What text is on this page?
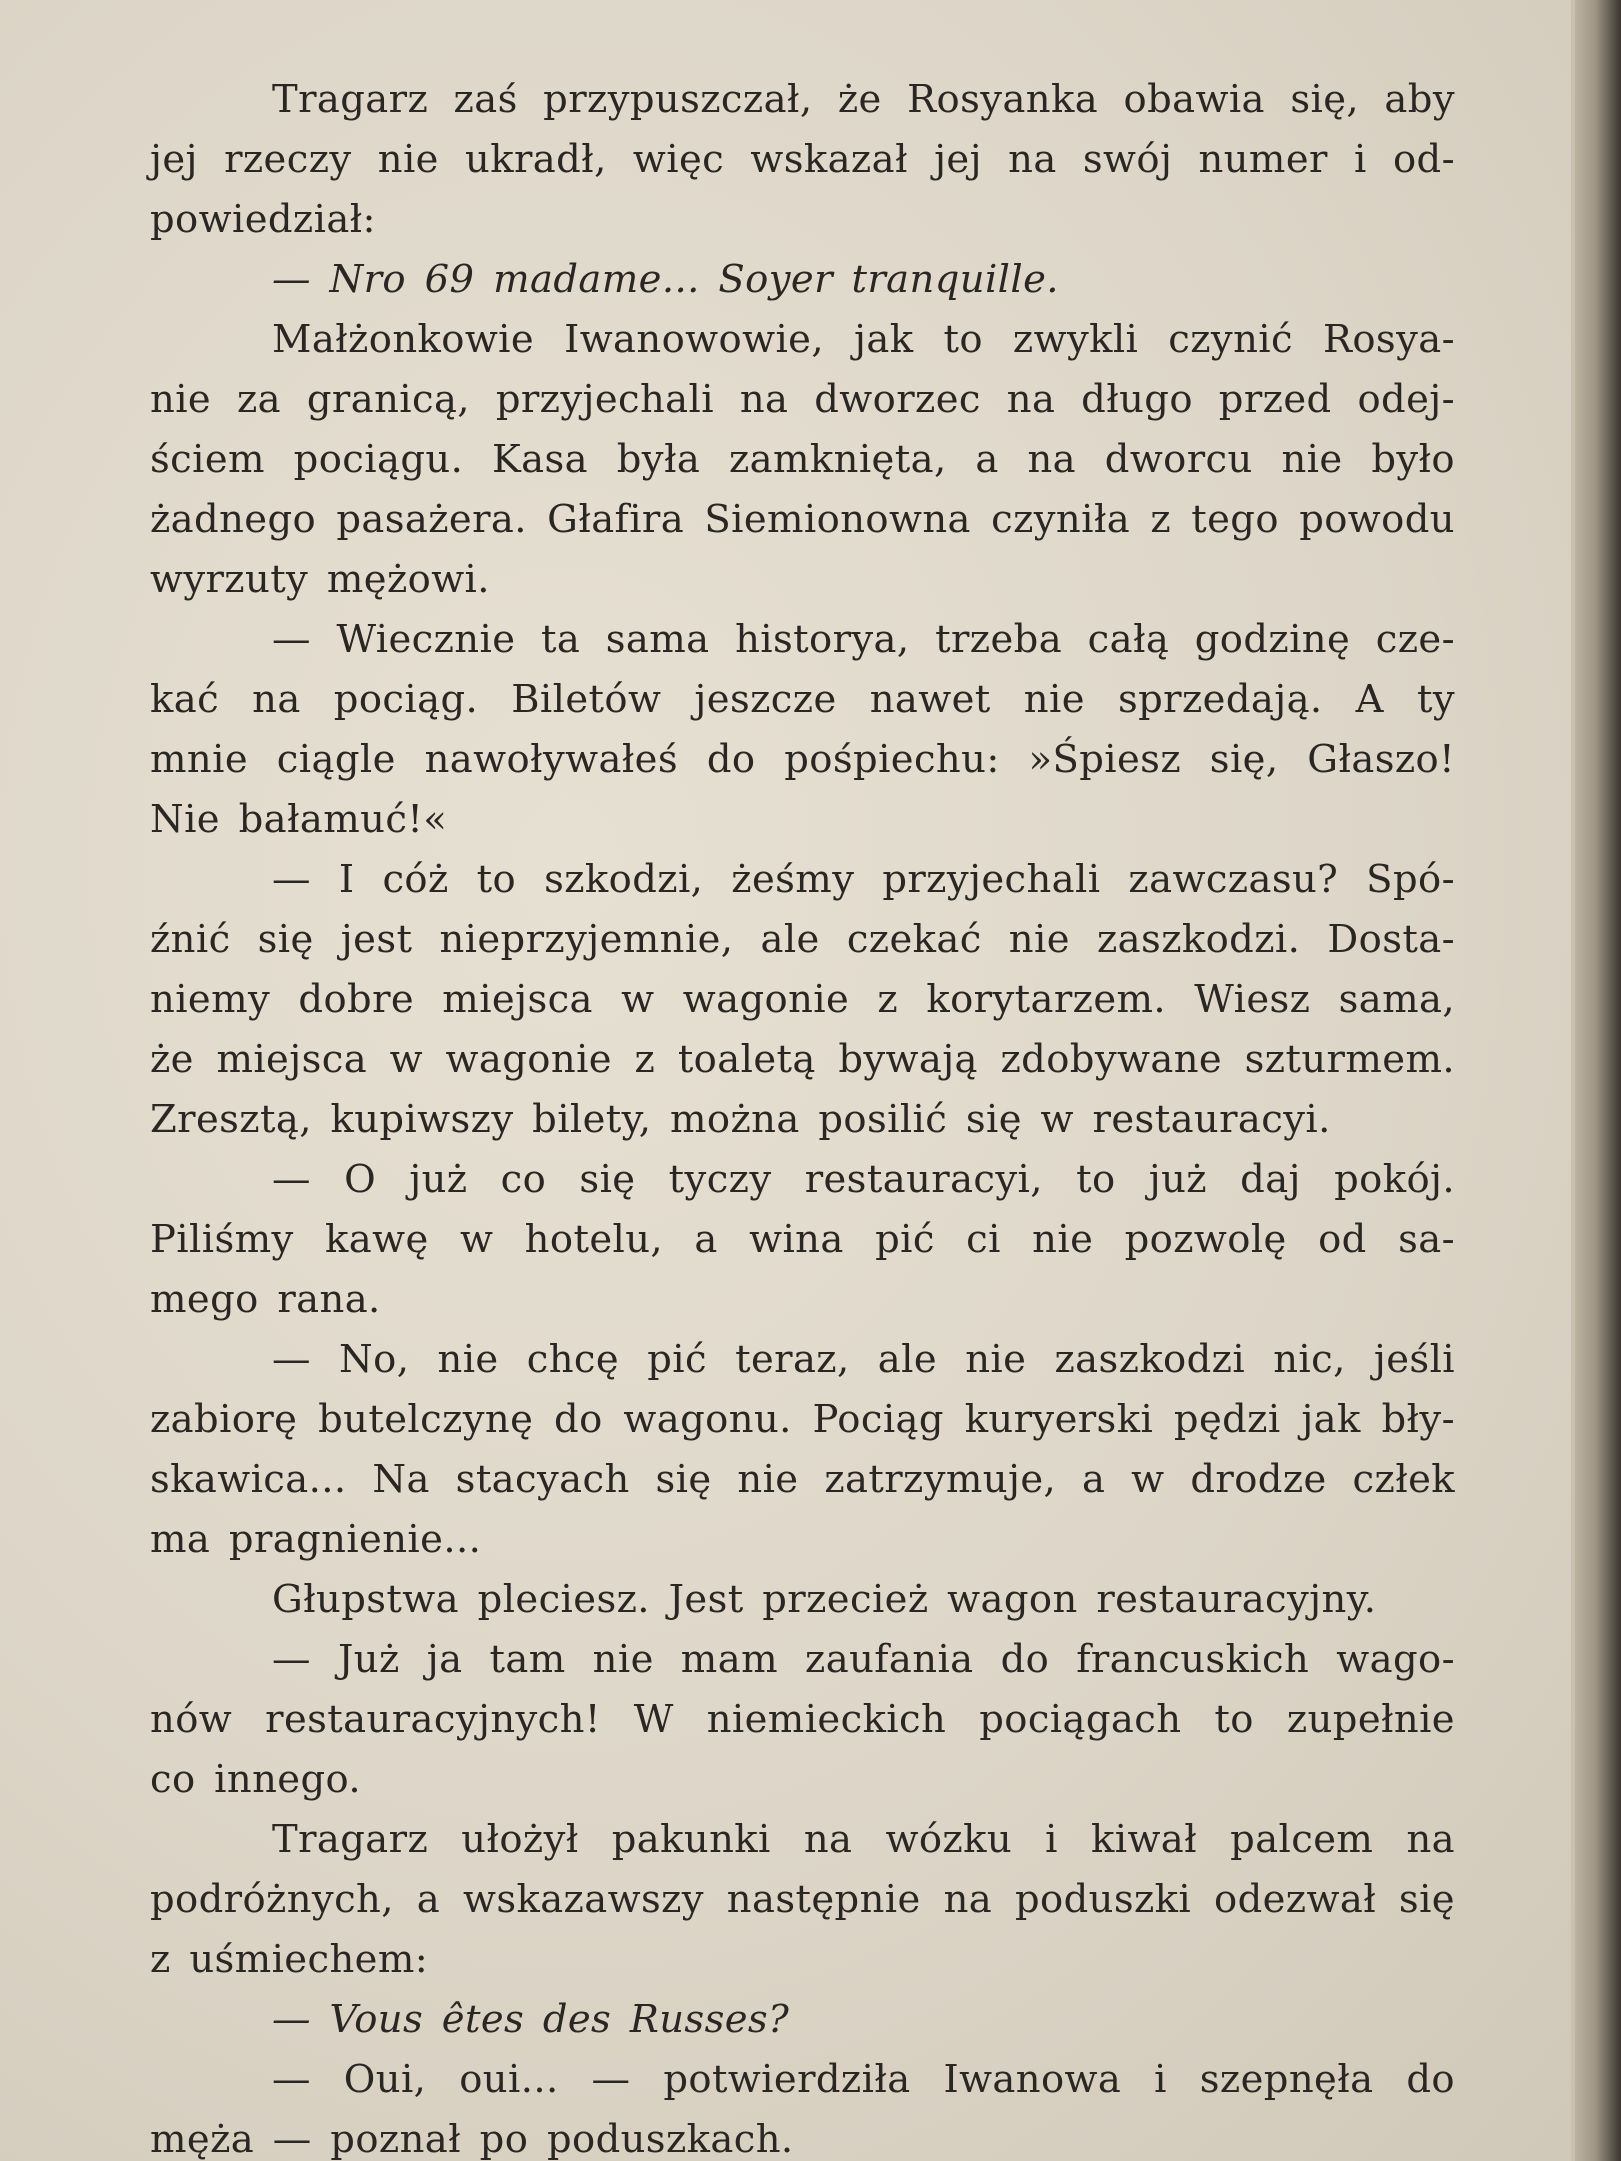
Tragarz zaś przypuszczał, że Rosyanka obawia się, aby
jej rzeczy nie ukradł, więc wskazał jej na swój numer i od-
powiedział:
— Nro 69 madame... Soyer tranquille.
Małżonkowie Iwanowowie, jak to zwykli czynić Rosya-
nie za granicą, przyjechali na dworzec na długo przed odej-
ściem pociągu. Kasa była zamknięta, a na dworcu nie było
żadnego pasażera. Głafira Siemionowna czyniła z tego powodu
wyrzuty mężowi.
— Wiecznie ta sama historya, trzeba całą godzinę cze-
kać na pociąg. Biletów jeszcze nawet nie sprzedają. A ty
mnie ciągle nawoływałeś do pośpiechu: »Śpiesz się, Głaszo!
Nie bałamuć!«
— I cóż to szkodzi, żeśmy przyjechali zawczasu? Spó-
źnić się jest nieprzyjemnie, ale czekać nie zaszkodzi. Dosta-
niemy dobre miejsca w wagonie z korytarzem. Wiesz sama,
że miejsca w wagonie z toaletą bywają zdobywane szturmem.
Zresztą, kupiwszy bilety, można posilić się w restauracyi.
— O już co się tyczy restauracyi, to już daj pokój.
Piliśmy kawę w hotelu, a wina pić ci nie pozwolę od sa-
mego rana.
— No, nie chcę pić teraz, ale nie zaszkodzi nic, jeśli
zabiorę butelczynę do wagonu. Pociąg kuryerski pędzi jak bły-
skawica... Na stacyach się nie zatrzymuje, a w drodze człek
ma pragnienie...
Głupstwa pleciesz. Jest przecież wagon restauracyjny.
— Już ja tam nie mam zaufania do francuskich wago-
nów restauracyjnych! W niemieckich pociągach to zupełnie
co innego.
Tragarz ułożył pakunki na wózku i kiwał palcem na
podróżnych, a wskazawszy następnie na poduszki odezwał się
z uśmiechem:
— Vous êtes des Russes?
— Oui, oui... — potwierdziła Iwanowa i szepnęła do
męża — poznał po poduszkach.
